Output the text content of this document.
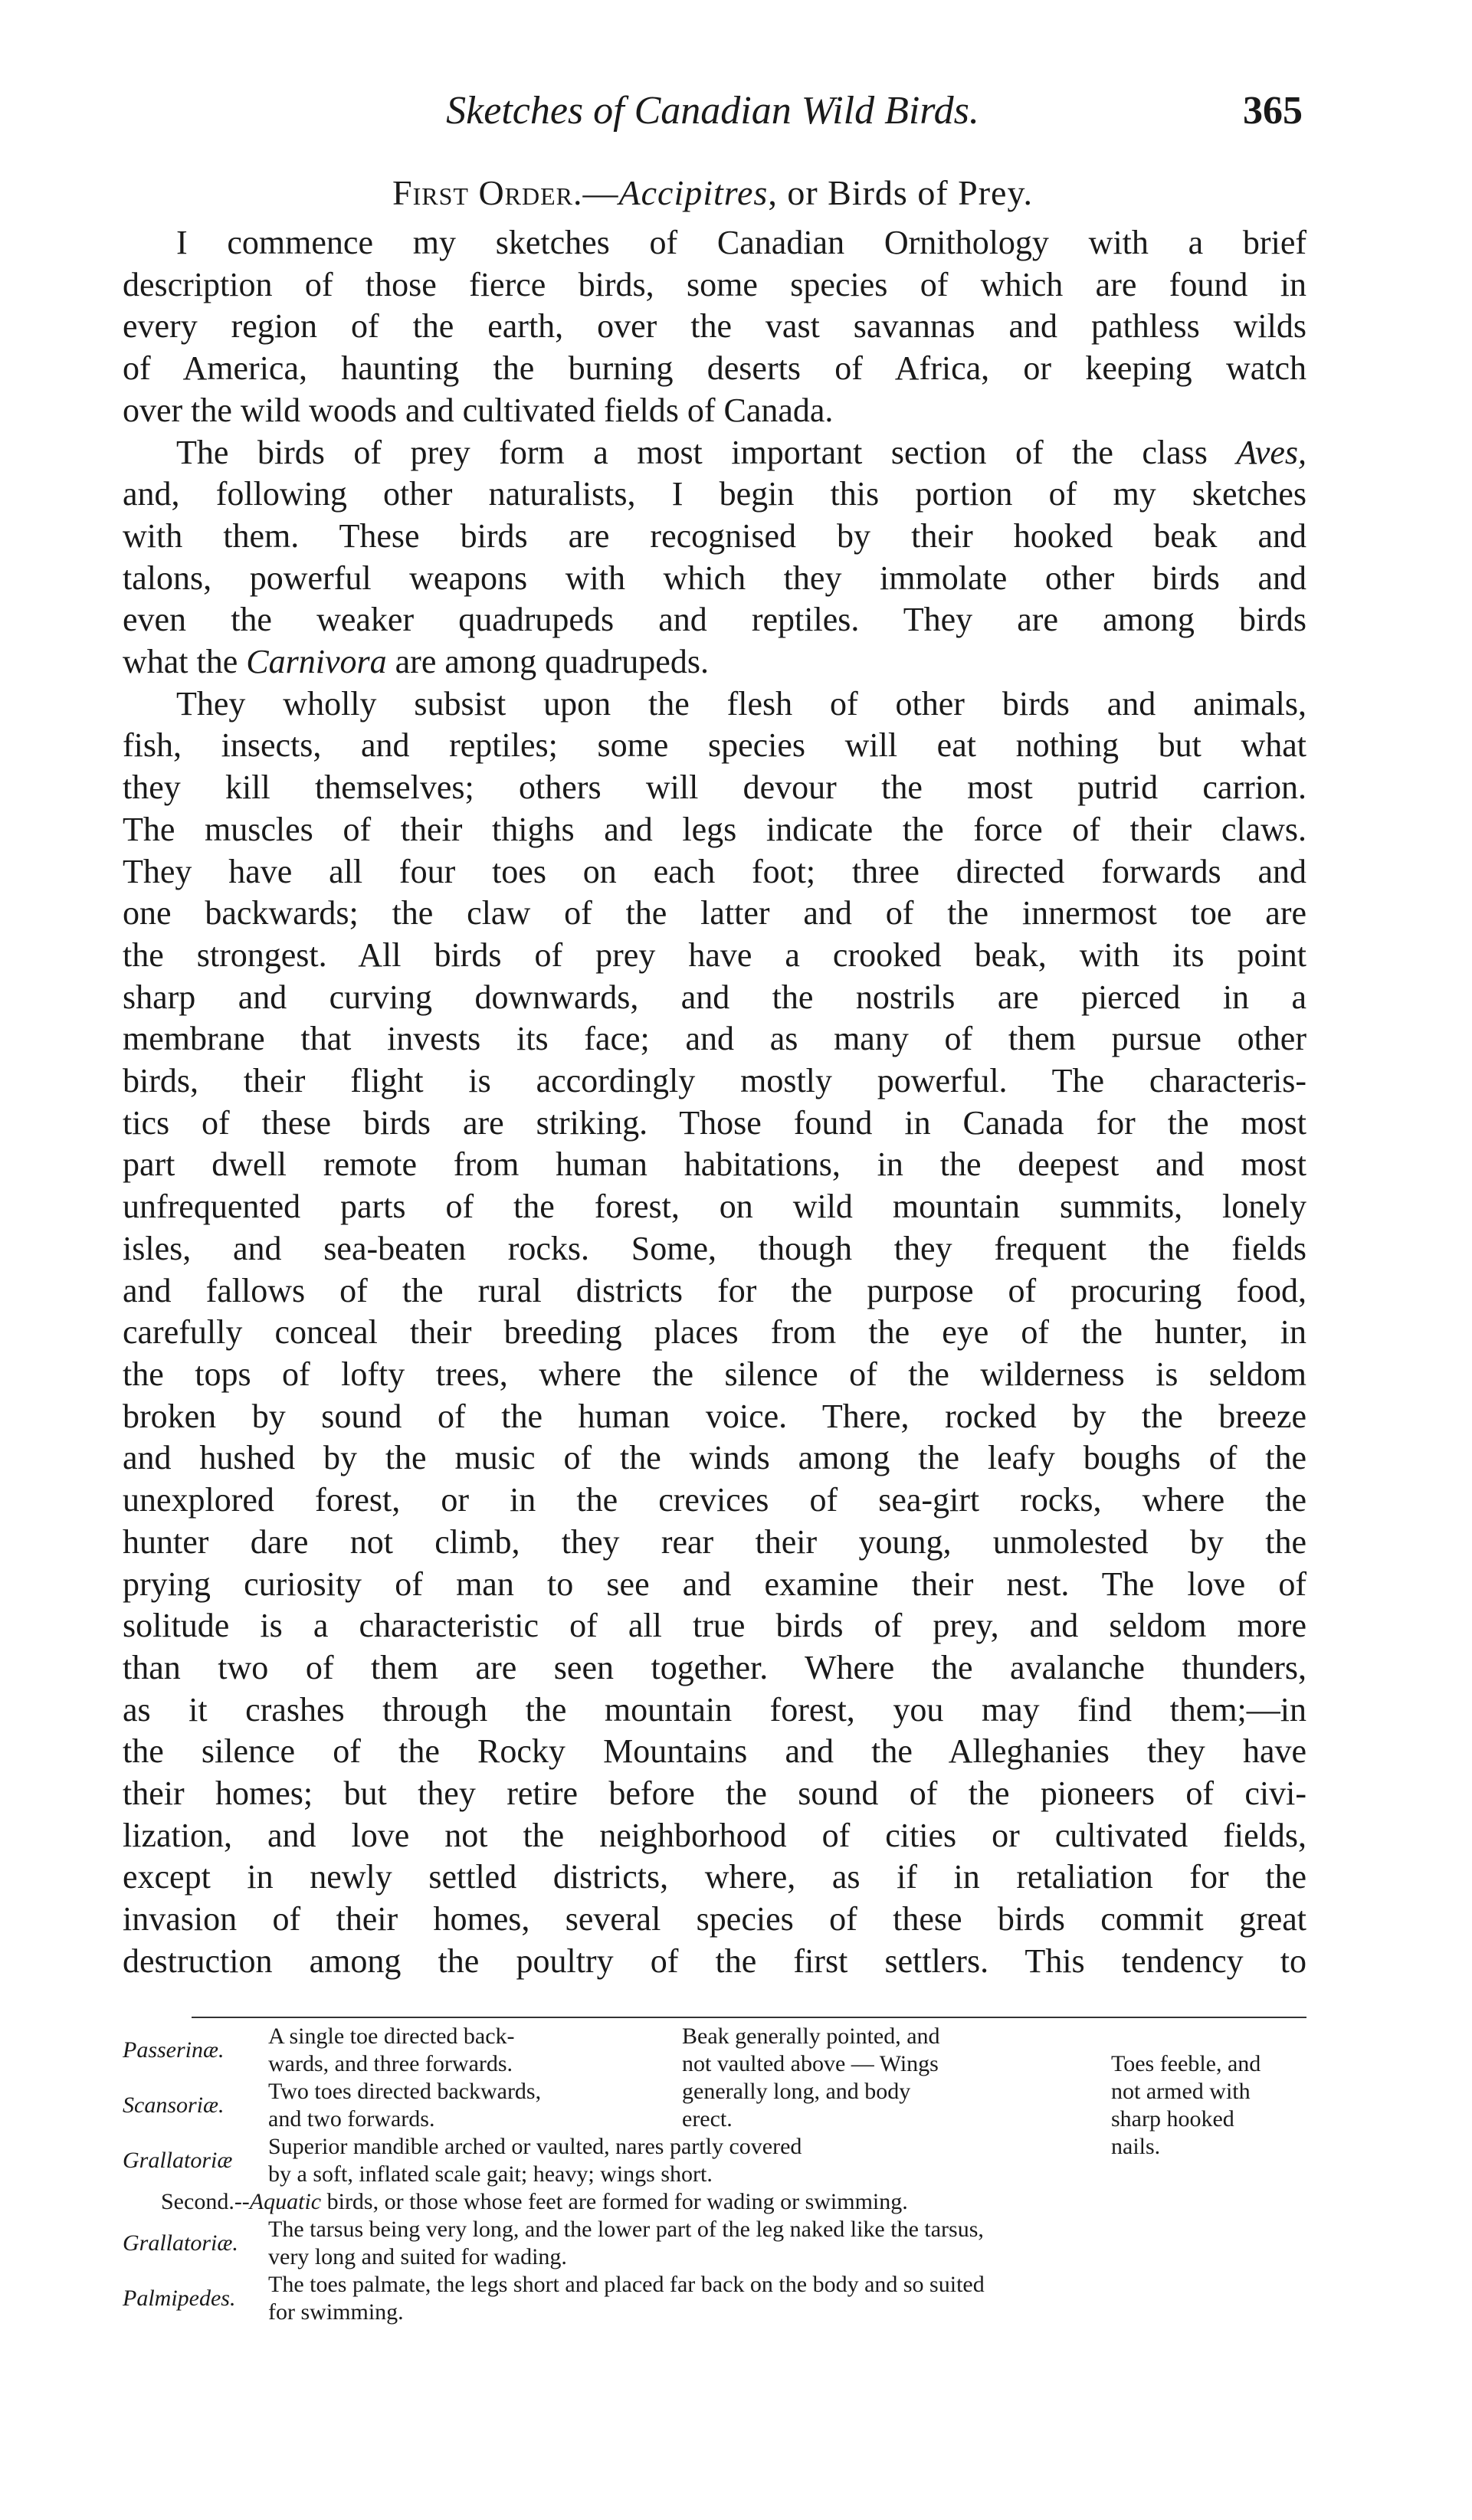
Sketches of Canadian Wild Birds.	365
First Order.—Accipitres, or Birds of Prey.
I commence my sketches of Canadian Ornithology with a brief
description of those fierce birds, some species of which are found in
every region of the earth, over the vast savannas and pathless wilds
of America, haunting the burning deserts of Africa, or keeping watch
over the wild woods and cultivated fields of Canada.
The birds of prey form a most important section of the class Aves,
and, following other naturalists, I begin this portion of my sketches
with them. These birds are recognised by their hooked beak and
talons, powerful weapons with which they immolate other birds and
even the weaker quadrupeds and reptiles. They are among birds
what the Carnivora are among quadrupeds.
They wholly subsist upon the flesh of other birds and animals,
fish, insects, and reptiles; some species will eat nothing but what
they kill themselves; others will devour the most putrid carrion.
The muscles of their thighs and legs indicate the force of their claws.
They have all four toes on each foot; three directed forwards and
one backwards; the claw of the latter and of the innermost toe are
the strongest. All birds of prey have a crooked beak, with its point
sharp and curving downwards, and the nostrils are pierced in a
membrane that invests its face; and as many of them pursue other
birds, their flight is accordingly mostly powerful. The characteris-
tics of these birds are striking. Those found in Canada for the most
part dwell remote from human habitations, in the deepest and most
unfrequented parts of the forest, on wild mountain summits, lonely
isles, and sea-beaten rocks. Some, though they frequent the fields
and fallows of the rural districts for the purpose of procuring food,
carefully conceal their breeding places from the eye of the hunter, in
the tops of lofty trees, where the silence of the wilderness is seldom
broken by sound of the human voice. There, rocked by the breeze
and hushed by the music of the winds among the leafy boughs of the
unexplored forest, or in the crevices of sea-girt rocks, where the
hunter dare not climb, they rear their young, unmolested by the
prying curiosity of man to see and examine their nest. The love of
solitude is a characteristic of all true birds of prey, and seldom more
than two of them are seen together. Where the avalanche thunders,
as it crashes through the mountain forest, you may find them;—in
the silence of the Rocky Mountains and the Alleghanies they have
their homes; but they retire before the sound of the pioneers of civi-
lization, and love not the neighborhood of cities or cultivated fields,
except in newly settled districts, where, as if in retaliation for the
invasion of their homes, several species of these birds commit great
destruction among the poultry of the first settlers. This tendency to
Passerinæ.
A single toe directed back-
wards, and three forwards.
Beak generally pointed, and
not vaulted above — Wings
	Toes feeble, and
Scansoriæ.
Two toes directed backwards,
and two forwards.
generally long, and body
erect.
not armed with
sharp hooked
Grallatoriæ
Superior mandible arched or vaulted, nares partly covered
by a soft, inflated scale gait; heavy; wings short.
nails.

Second.--Aquatic birds, or those whose feet are formed for wading or swimming.
Grallatoriæ.
The tarsus being very long, and the lower part of the leg naked like the tarsus,
very long and suited for wading.
Palmipedes.
The toes palmate, the legs short and placed far back on the body and so suited
for swimming.
